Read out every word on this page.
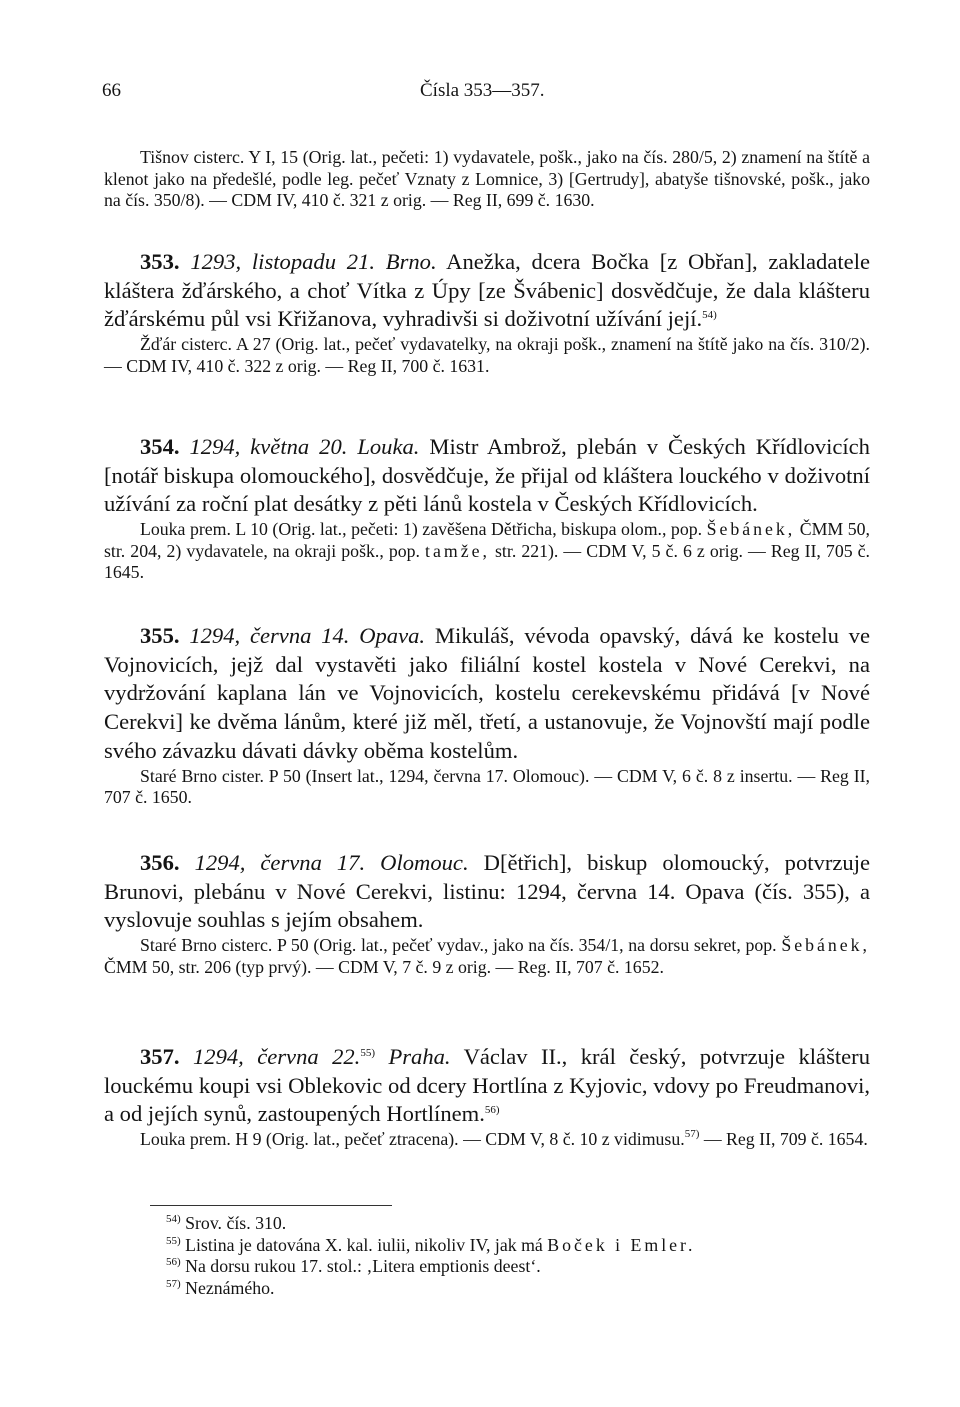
66	Čísla 353—357.

Tišnov cisterc. Y I, 15 (Orig. lat., pečeti: 1) vydavatele, pošk., jako na čís. 280/5, 2) znamení na štítě a klenot jako na předešlé, podle leg. pečeť Vznaty z Lomnice, 3) [Gertrudy], abatyše tišnovské, pošk., jako na čís. 350/8). — CDM IV, 410 č. 321 z orig. — Reg II, 699 č. 1630.

353. 1293, listopadu 21. Brno. Anežka, dcera Bočka [z Obřan], zakladatele kláštera žďárského, a choť Vítka z Úpy [ze Švábenic] dosvědčuje, že dala klášteru žďárskému půl vsi Křižanova, vyhradivši si doživotní užívání její.$^{54)}$

Žďár cisterc. A 27 (Orig. lat., pečeť vydavatelky, na okraji pošk., znamení na štítě jako na čís. 310/2). — CDM IV, 410 č. 322 z orig. — Reg II, 700 č. 1631.

354. 1294, května 20. Louka. Mistr Ambrož, plebán v Českých Křídlovicích [notář biskupa olomouckého], dosvědčuje, že přijal od kláštera louckého v doživotní užívání za roční plat desátky z pěti lánů kostela v Českých Křídlovicích.

Louka prem. L 10 (Orig. lat., pečeti: 1) zavěšena Dětřicha, biskupa olom., pop. Šebánek, ČMM 50, str. 204, 2) vydavatele, na okraji pošk., pop. tamže, str. 221). — CDM V, 5 č. 6 z orig. — Reg II, 705 č. 1645.

355. 1294, června 14. Opava. Mikuláš, vévoda opavský, dává ke kostelu ve Vojnovicích, jejž dal vystavěti jako filiální kostel kostela v Nové Cerekvi, na vydržování kaplana lán ve Vojnovicích, kostelu cerekevskému přidává [v Nové Cerekvi] ke dvěma lánům, které již měl, třetí, a ustanovuje, že Vojnovští mají podle svého závazku dávati dávky oběma kostelům.

Staré Brno cister. P 50 (Insert lat., 1294, června 17. Olomouc). — CDM V, 6 č. 8 z insertu. — Reg II, 707 č. 1650.

356. 1294, června 17. Olomouc. D[ětřich], biskup olomoucký, potvrzuje Brunovi, plebánu v Nové Cerekvi, listinu: 1294, června 14. Opava (čís. 355), a vyslovuje souhlas s jejím obsahem.

Staré Brno cisterc. P 50 (Orig. lat., pečeť vydav., jako na čís. 354/1, na dorsu sekret, pop. Šebánek, ČMM 50, str. 206 (typ prvý). — CDM V, 7 č. 9 z orig. — Reg. II, 707 č. 1652.

357. 1294, června 22.$^{55)}$ Praha. Václav II., král český, potvrzuje klášteru louckému koupi vsi Oblekovic od dcery Hortlína z Kyjovic, vdovy po Freudmanovi, a od jejích synů, zastoupených Hortlínem.$^{56)}$

Louka prem. H 9 (Orig. lat., pečeť ztracena). — CDM V, 8 č. 10 z vidimusu.$^{57)}$ — Reg II, 709 č. 1654.

$^{54)}$ Srov. čís. 310.

$^{55)}$ Listina je datována X. kal. iulii, nikoliv IV, jak má Boček i Emler.

$^{56)}$ Na dorsu rukou 17. stol.: ‚Litera emptionis deest‘.

$^{57)}$ Neznámého.
